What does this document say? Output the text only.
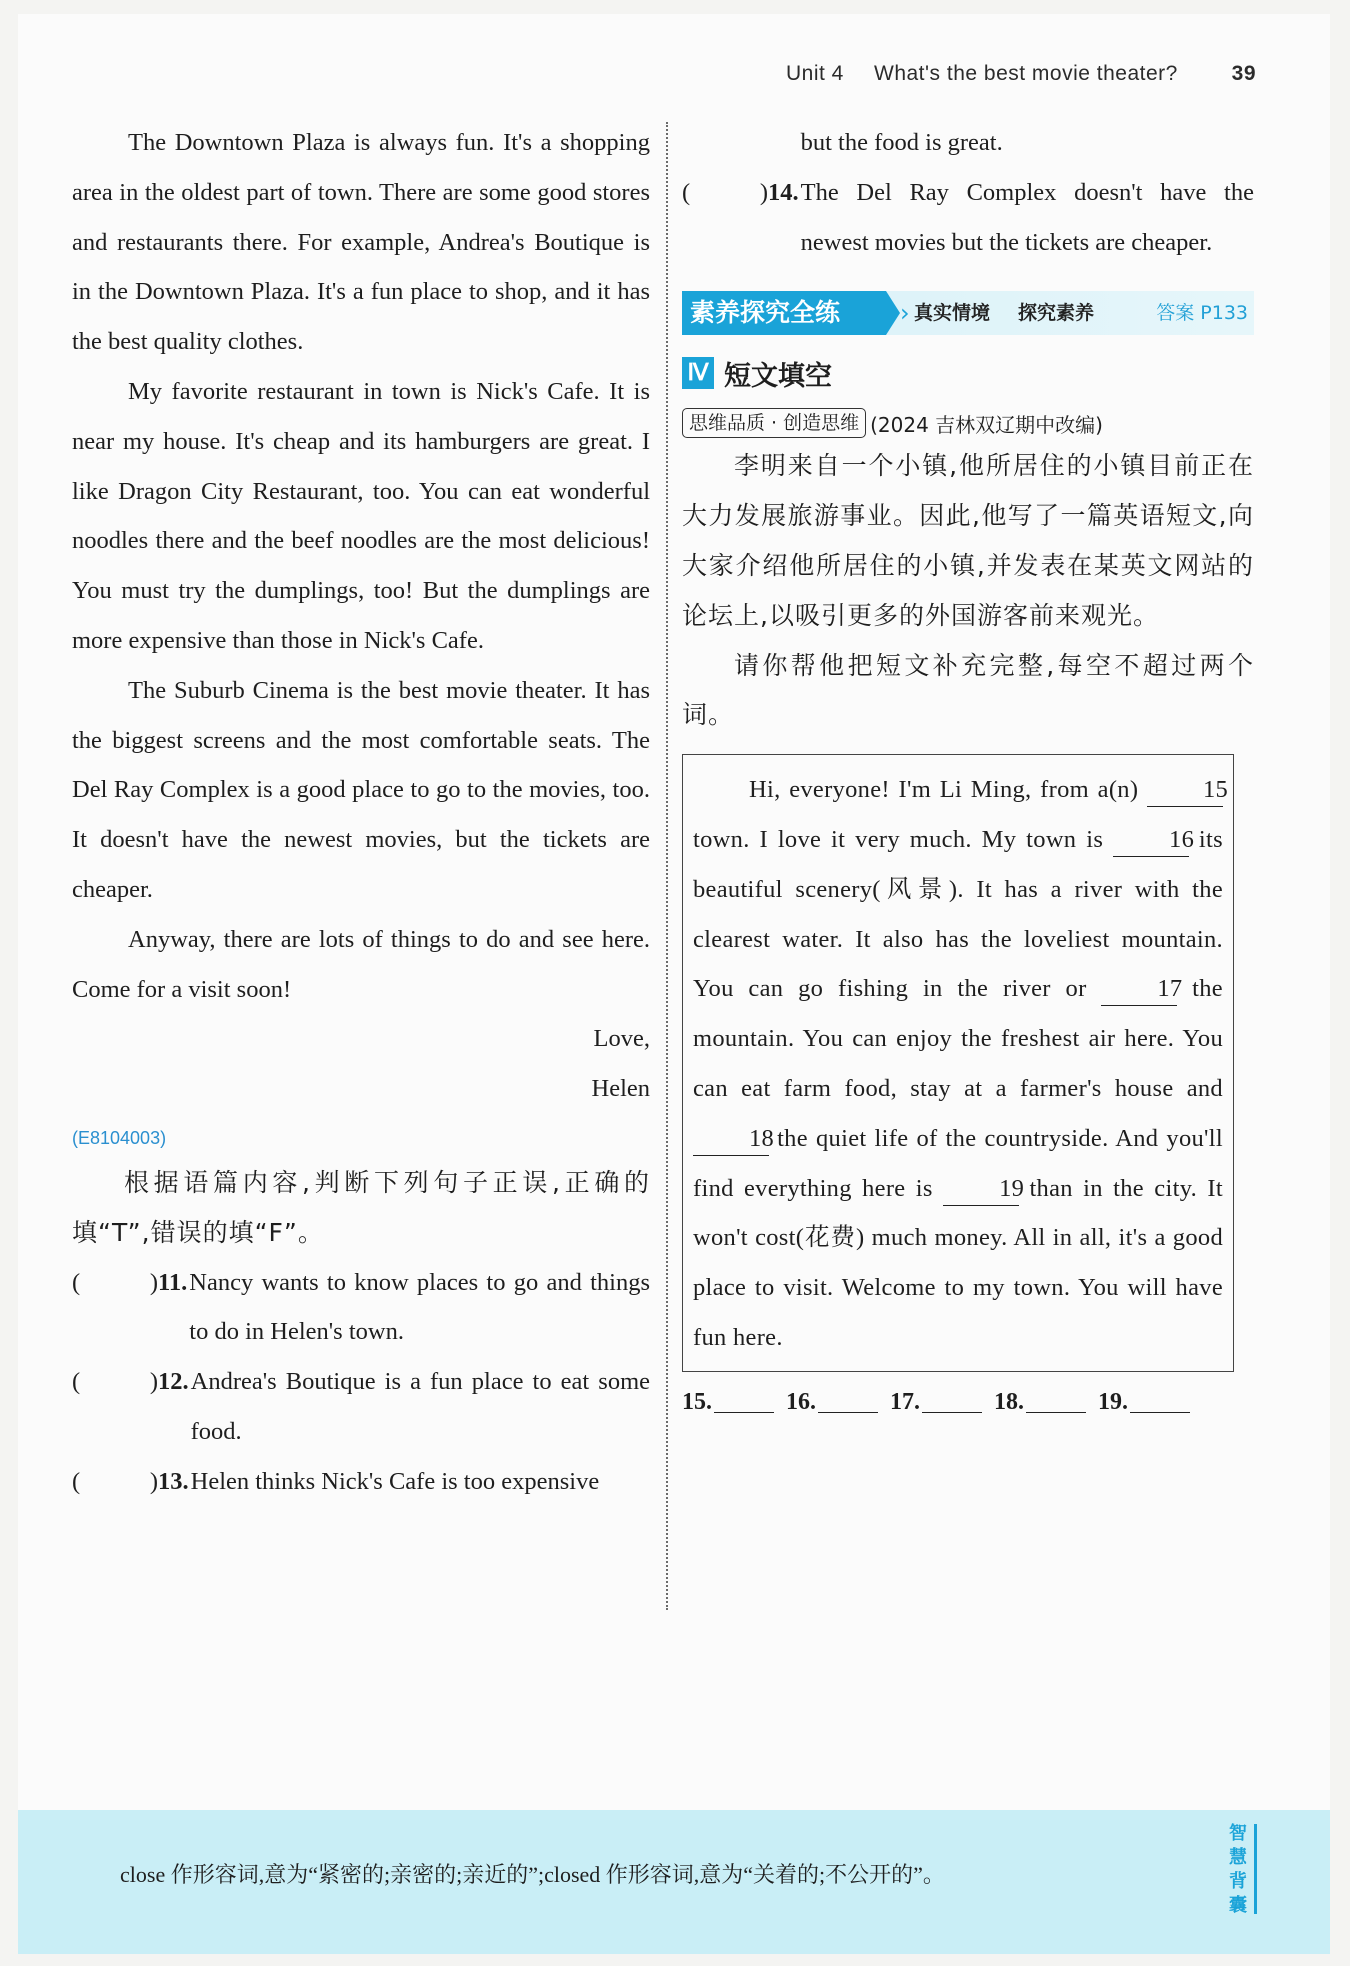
Unit 4 What's the best movie theater?	39

The Downtown Plaza is always fun. It's a shopping area in the oldest part of town. There are some good stores and restaurants there. For example, Andrea's Boutique is in the Downtown Plaza. It's a fun place to shop, and it has the best quality clothes.

My favorite restaurant in town is Nick's Cafe. It is near my house. It's cheap and its hamburgers are great. I like Dragon City Restaurant, too. You can eat wonderful noodles there and the beef noodles are the most delicious! You must try the dumplings, too! But the dumplings are more expensive than those in Nick's Cafe.

The Suburb Cinema is the best movie theater. It has the biggest screens and the most comfortable seats. The Del Ray Complex is a good place to go to the movies, too. It doesn't have the newest movies, but the tickets are cheaper.

Anyway, there are lots of things to do and see here. Come for a visit soon!

Love,
Helen
(E8104003)

根据语篇内容,判断下列句子正误,正确的填“T”,错误的填“F”。

(	) 11. Nancy wants to know places to go and things to do in Helen's town.
(	) 12. Andrea's Boutique is a fun place to eat some food.
(	) 13. Helen thinks Nick's Cafe is too expensive
but the food is great.
(	) 14. The Del Ray Complex doesn't have the newest movies but the tickets are cheaper.
素养探究全练	› 真实情境 探究素养	答案 P133
Ⅳ 短文填空
思维品质 · 创造思维 (2024 吉林双辽期中改编)

李明来自一个小镇,他所居住的小镇目前正在大力发展旅游事业。因此,他写了一篇英语短文,向大家介绍他所居住的小镇,并发表在某英文网站的论坛上,以吸引更多的外国游客前来观光。

请你帮他把短文补充完整,每空不超过两个词。

Hi, everyone! I'm Li Ming, from a(n)	15 town. I love it very much. My town is	16 its beautiful scenery(风景). It has a river with the clearest water. It also has the loveliest mountain. You can go fishing in the river or	17 the mountain. You can enjoy the freshest air here. You can eat farm food, stay at a farmer's house and 18 the quiet life of the countryside. And you'll find everything here is	19 than in the city. It won't cost(花费) much money. All in all, it's a good place to visit. Welcome to my town. You will have fun here.

15.	16.	17.	18.	19.
close 作形容词,意为“紧密的;亲密的;亲近的”;closed 作形容词,意为“关着的;不公开的”。
智
慧
背
囊
